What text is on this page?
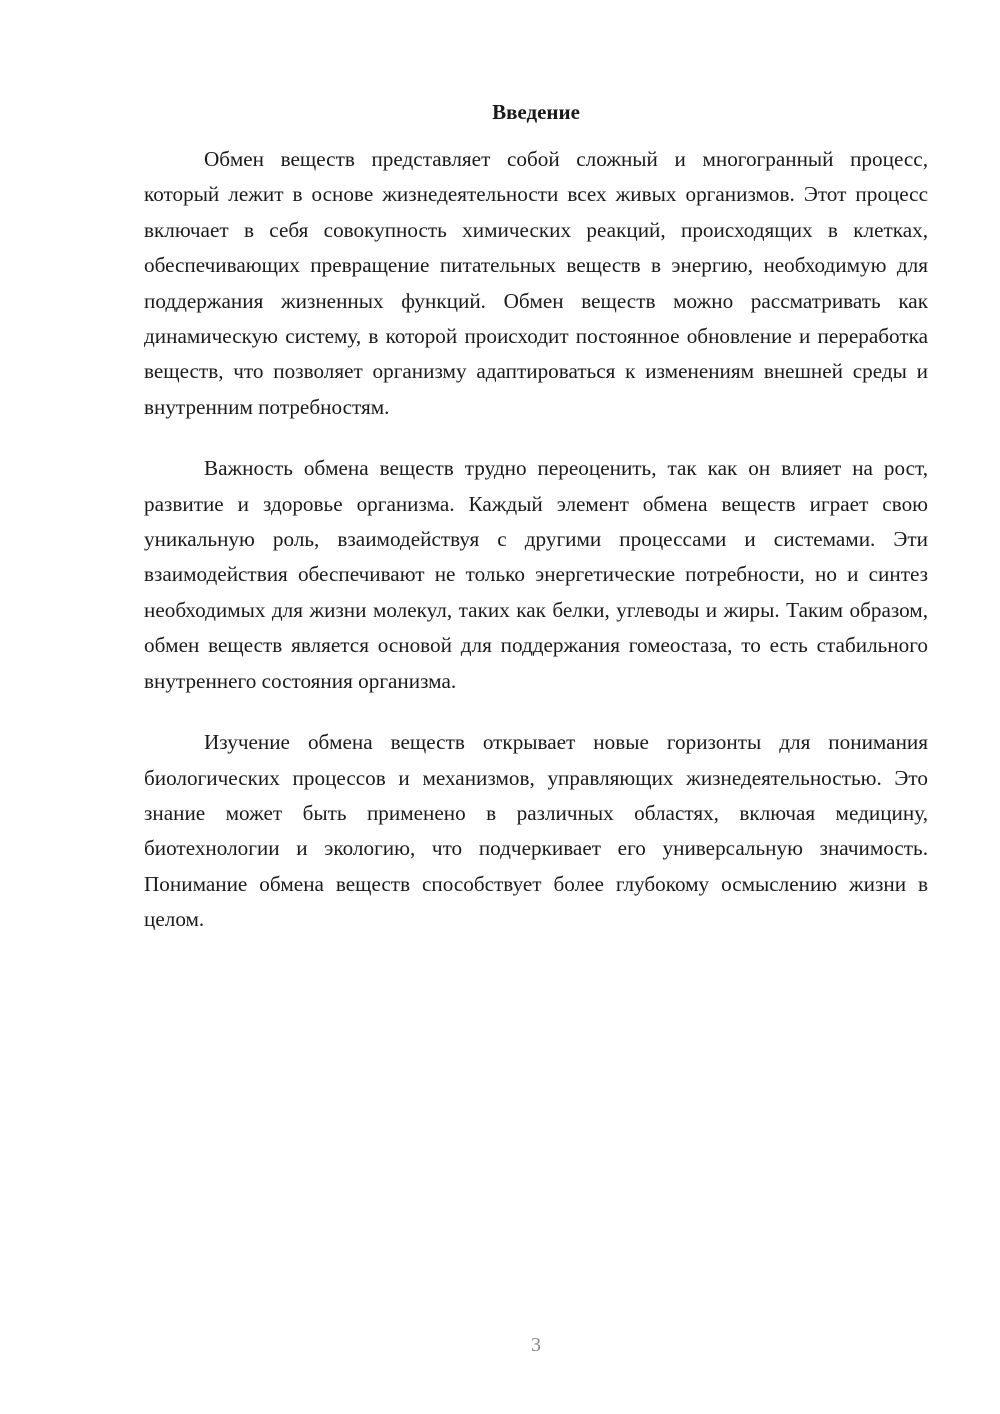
Введение

Обмен веществ представляет собой сложный и многогранный процесс, который лежит в основе жизнедеятельности всех живых организмов. Этот процесс включает в себя совокупность химических реакций, происходящих в клетках, обеспечивающих превращение питательных веществ в энергию, необходимую для поддержания жизненных функций. Обмен веществ можно рассматривать как динамическую систему, в которой происходит постоянное обновление и переработка веществ, что позволяет организму адаптироваться к изменениям внешней среды и внутренним потребностям.

Важность обмена веществ трудно переоценить, так как он влияет на рост, развитие и здоровье организма. Каждый элемент обмена веществ играет свою уникальную роль, взаимодействуя с другими процессами и системами. Эти взаимодействия обеспечивают не только энергетические потребности, но и синтез необходимых для жизни молекул, таких как белки, углеводы и жиры. Таким образом, обмен веществ является основой для поддержания гомеостаза, то есть стабильного внутреннего состояния организма.

Изучение обмена веществ открывает новые горизонты для понимания биологических процессов и механизмов, управляющих жизнедеятельностью. Это знание может быть применено в различных областях, включая медицину, биотехнологии и экологию, что подчеркивает его универсальную значимость. Понимание обмена веществ способствует более глубокому осмыслению жизни в целом.

3
